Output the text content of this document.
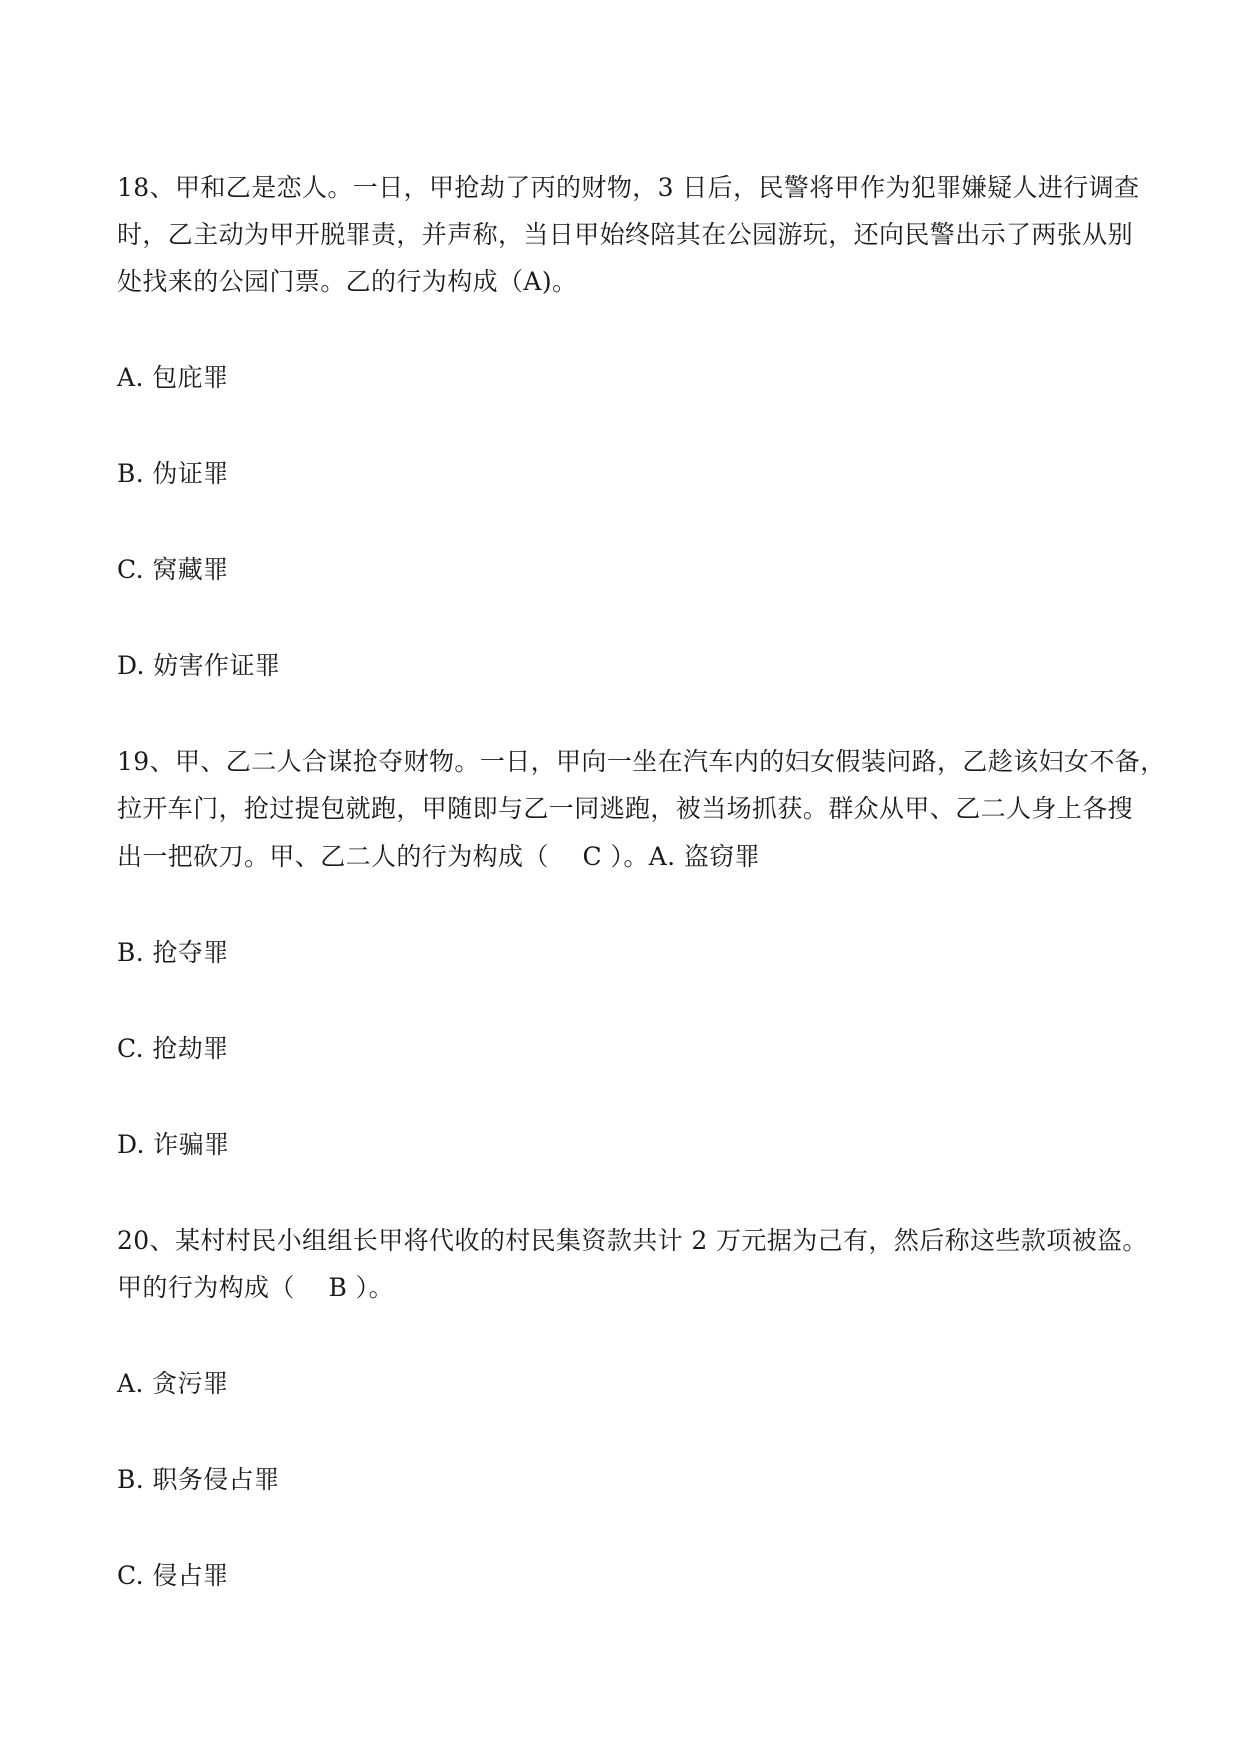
18、甲和乙是恋人。一日，甲抢劫了丙的财物，3 日后，民警将甲作为犯罪嫌疑人进行调查
时，乙主动为甲开脱罪责，并声称，当日甲始终陪其在公园游玩，还向民警出示了两张从别
处找来的公园门票。乙的行为构成（A)。
A. 包庇罪
B. 伪证罪
C. 窝藏罪
D. 妨害作证罪
19、甲、乙二人合谋抢夺财物。一日，甲向一坐在汽车内的妇女假装问路，乙趁该妇女不备，
拉开车门，抢过提包就跑，甲随即与乙一同逃跑，被当场抓获。群众从甲、乙二人身上各搜
出一把砍刀。甲、乙二人的行为构成（　 C ）。A. 盗窃罪
B. 抢夺罪
C. 抢劫罪
D. 诈骗罪
20、某村村民小组组长甲将代收的村民集资款共计 2 万元据为己有，然后称这些款项被盗。
甲的行为构成（　 B ）。
A. 贪污罪
B. 职务侵占罪
C. 侵占罪
